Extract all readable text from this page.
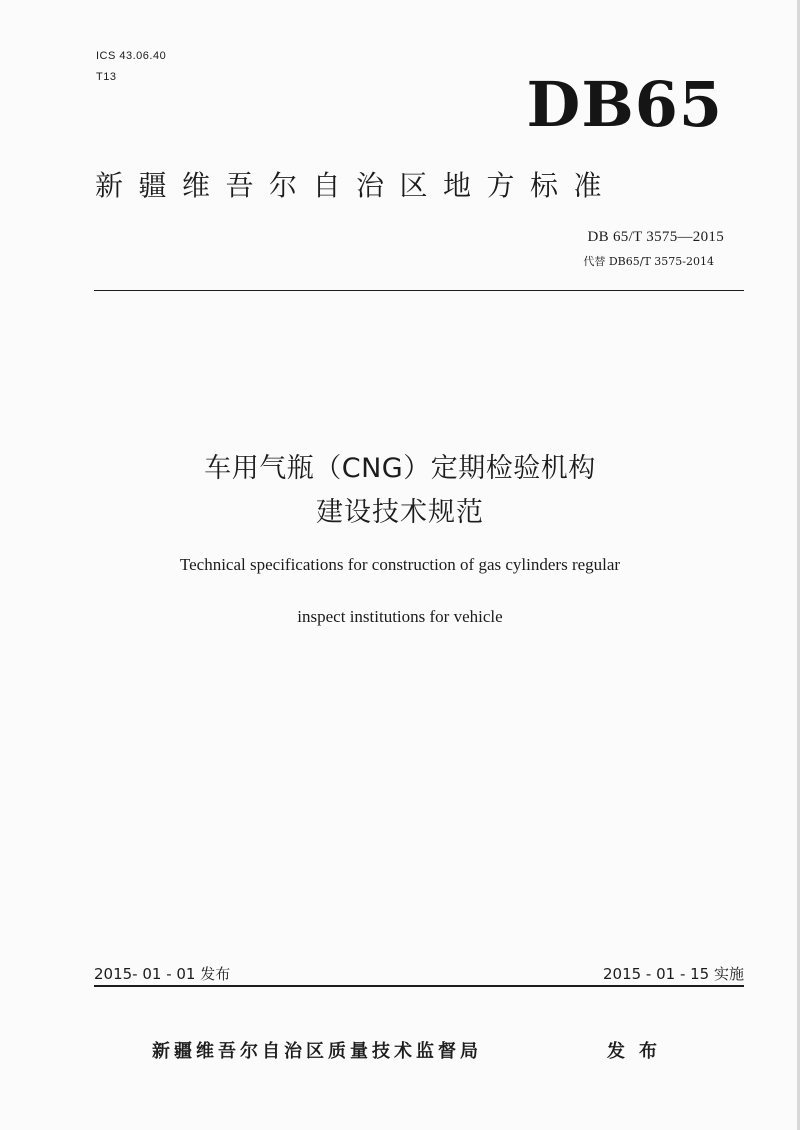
ICS 43.06.40
T13	DB65
新疆维吾尔自治区地方标准
DB 65/T 3575—2015
代替 DB65/T 3575-2014
车用气瓶（CNG）定期检验机构
建设技术规范
Technical specifications for construction of gas cylinders regular
inspect institutions for vehicle
2015- 01 - 01 发布	2015 - 01 - 15 实施
新疆维吾尔自治区质量技术监督局	发布
